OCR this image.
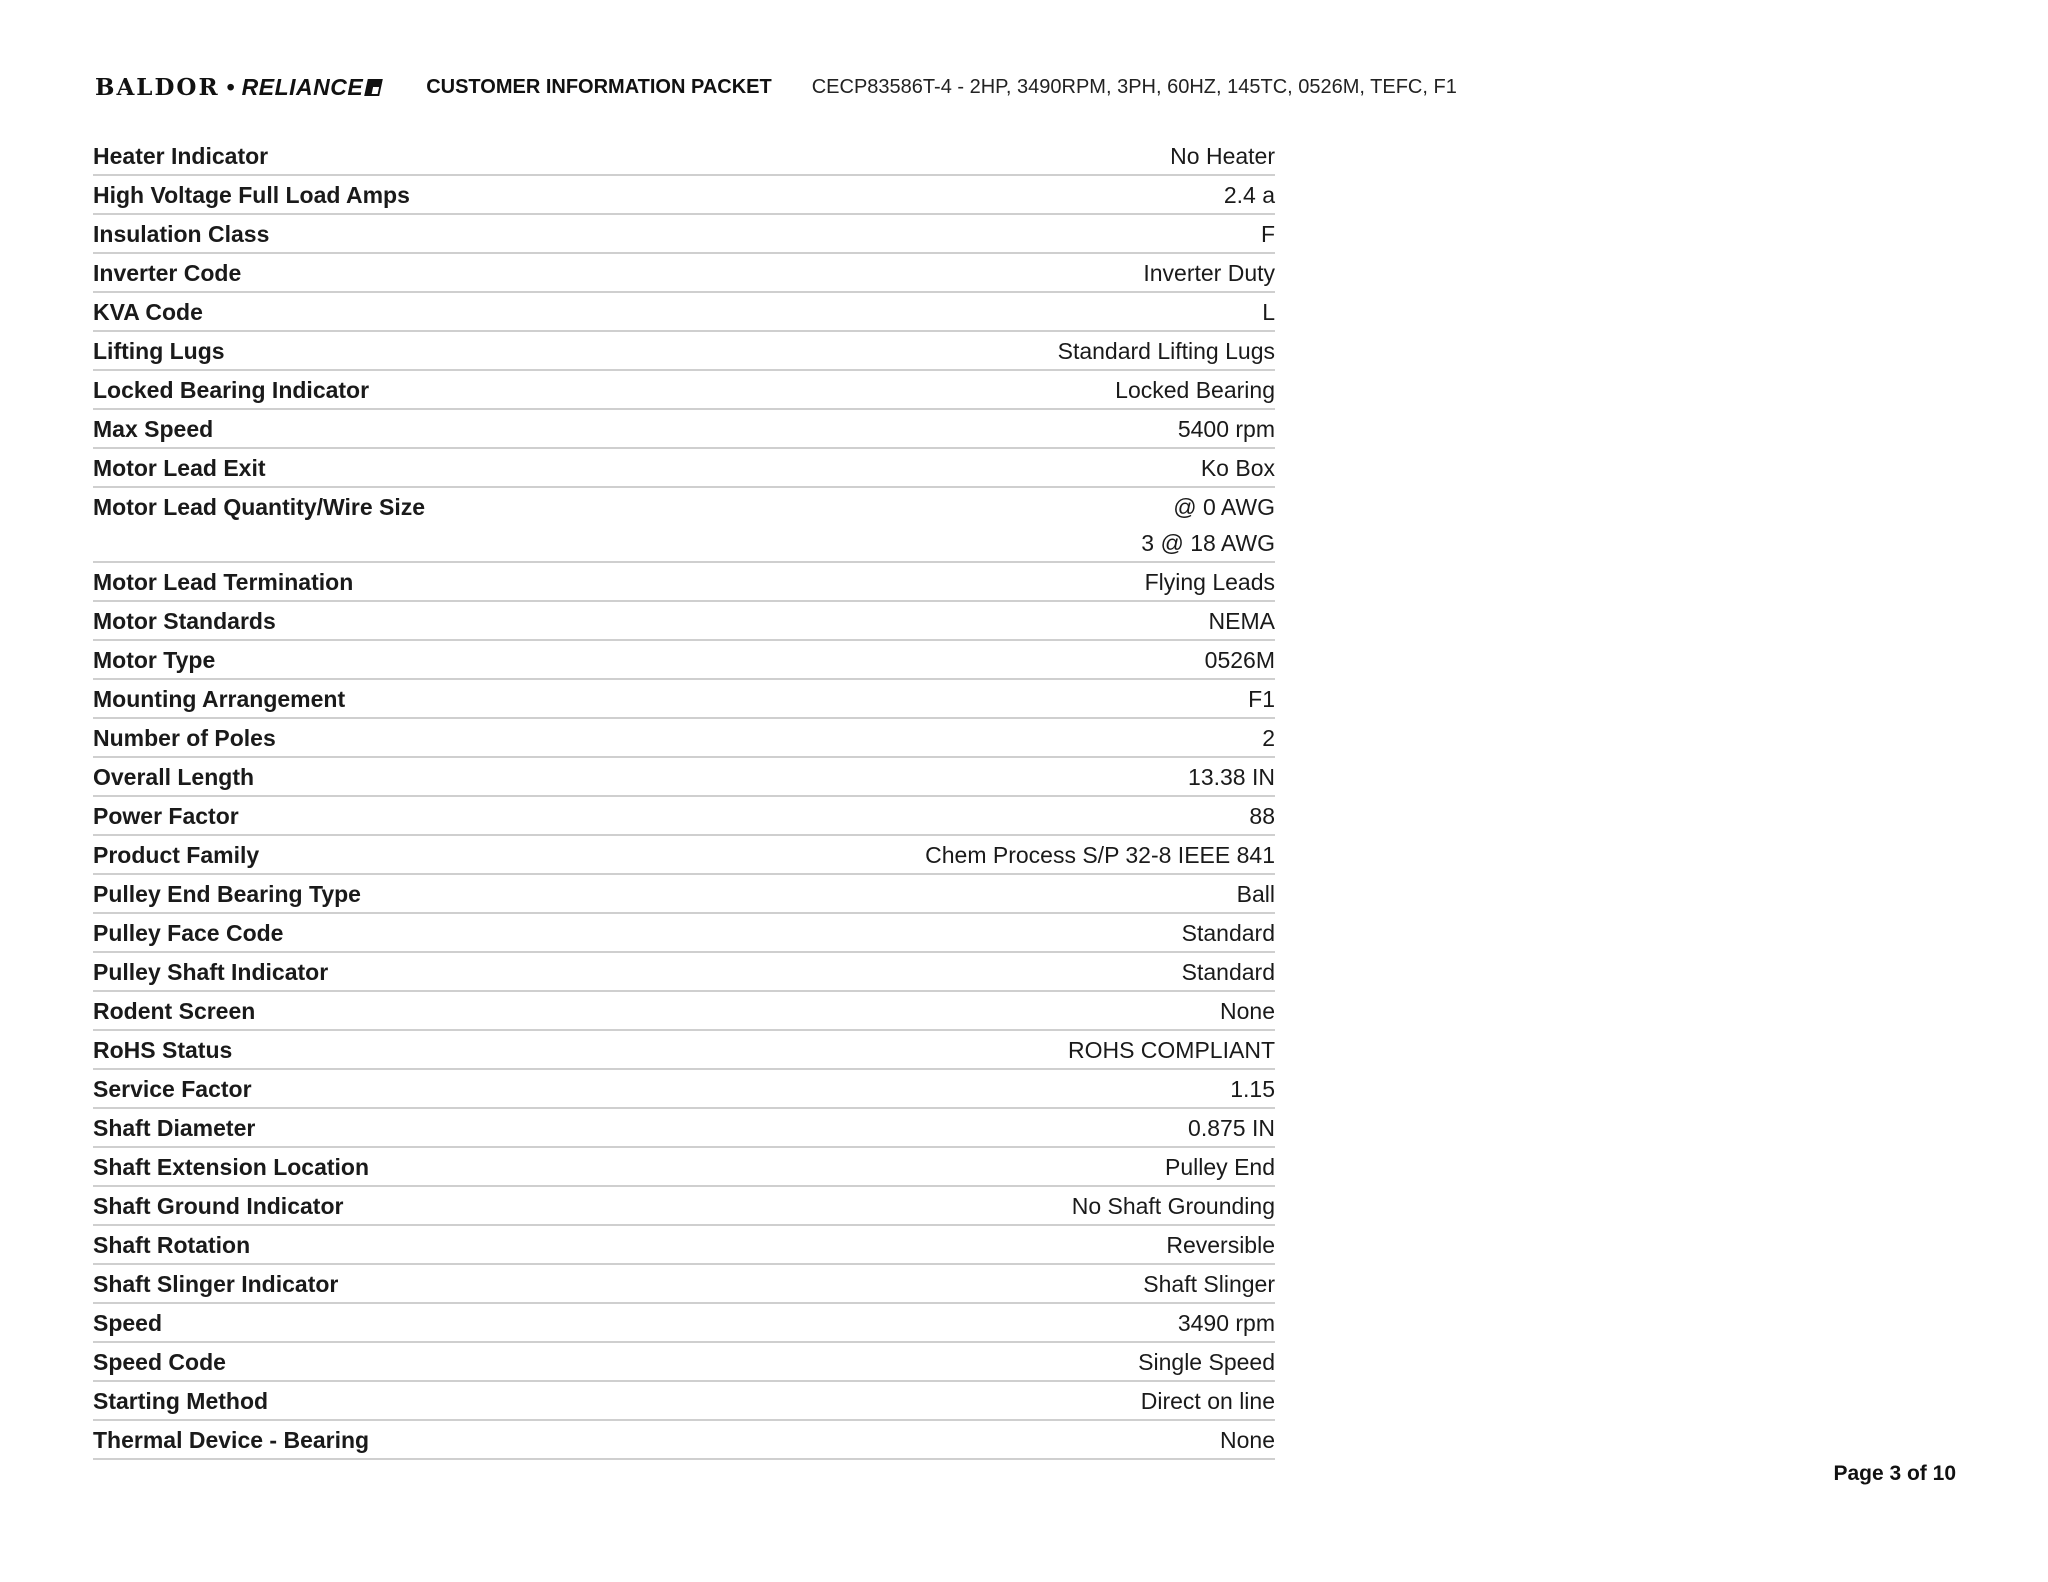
BALDOR • RELIANCE	CUSTOMER INFORMATION PACKET CECP83586T-4 - 2HP, 3490RPM, 3PH, 60HZ, 145TC, 0526M, TEFC, F1
Heater Indicator	No Heater
High Voltage Full Load Amps	2.4 a
Insulation Class	F
Inverter Code	Inverter Duty
KVA Code	L
Lifting Lugs	Standard Lifting Lugs
Locked Bearing Indicator	Locked Bearing
Max Speed	5400 rpm
Motor Lead Exit	Ko Box
Motor Lead Quantity/Wire Size	@ 0 AWG
3 @ 18 AWG
Motor Lead Termination	Flying Leads
Motor Standards	NEMA
Motor Type	0526M
Mounting Arrangement	F1
Number of Poles	2
Overall Length	13.38 IN
Power Factor	88
Product Family	Chem Process S/P 32-8 IEEE 841
Pulley End Bearing Type	Ball
Pulley Face Code	Standard
Pulley Shaft Indicator	Standard
Rodent Screen	None
RoHS Status	ROHS COMPLIANT
Service Factor	1.15
Shaft Diameter	0.875 IN
Shaft Extension Location	Pulley End
Shaft Ground Indicator	No Shaft Grounding
Shaft Rotation	Reversible
Shaft Slinger Indicator	Shaft Slinger
Speed	3490 rpm
Speed Code	Single Speed
Starting Method	Direct on line
Thermal Device - Bearing	None
Page 3 of 10
